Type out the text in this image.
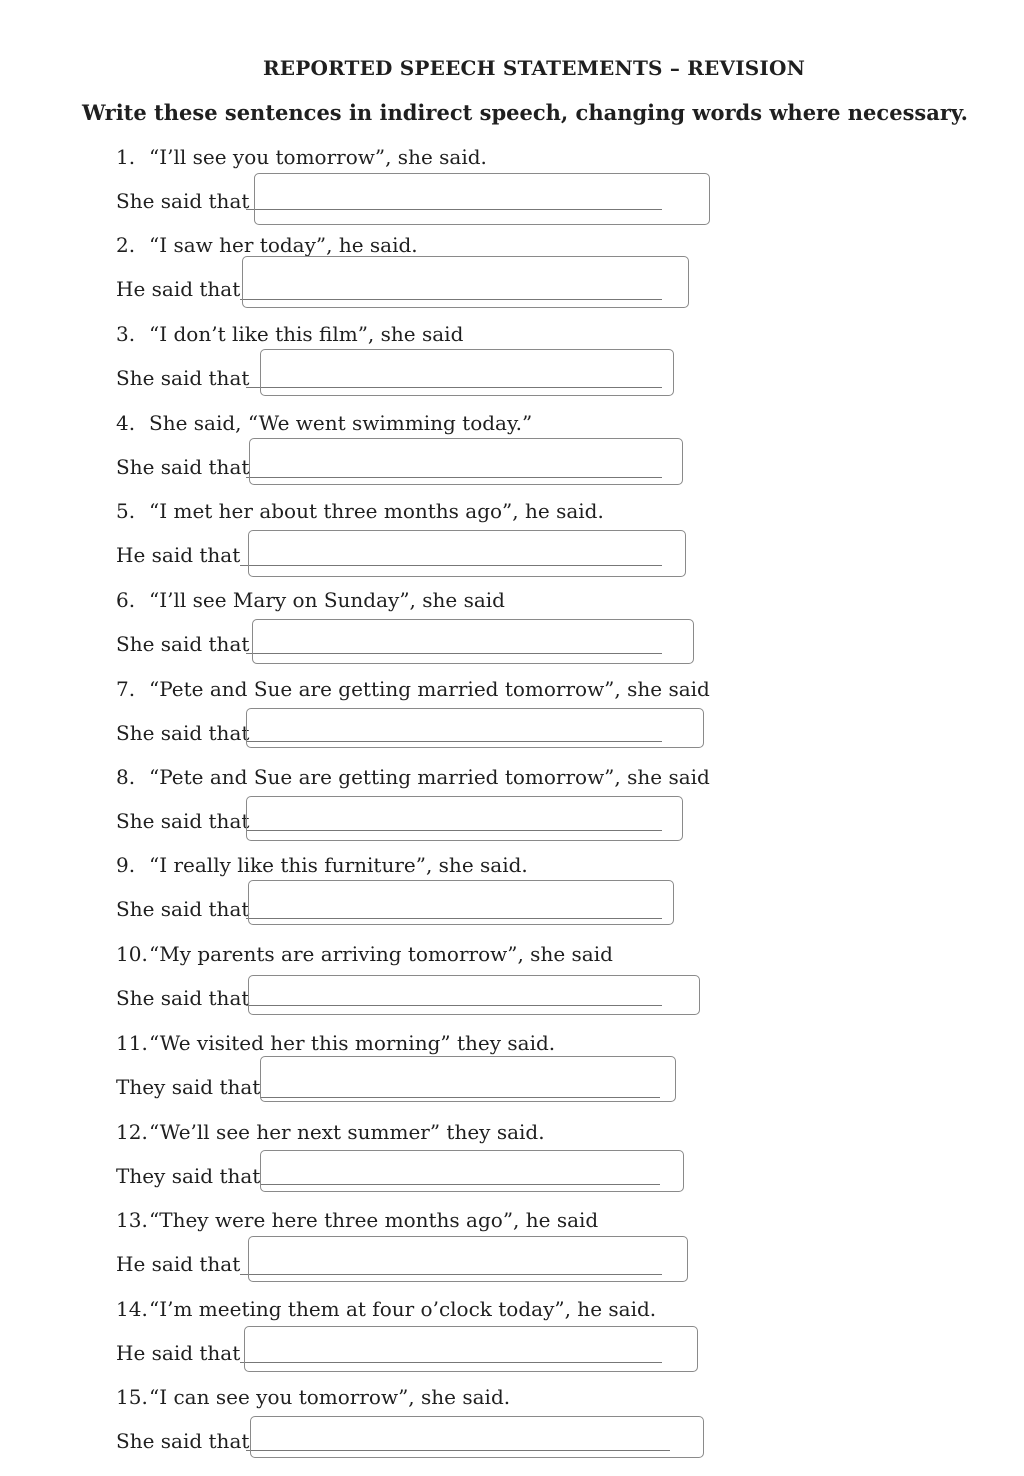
REPORTED SPEECH STATEMENTS – REVISION
Write these sentences in indirect speech, changing words where necessary.
1. “I’ll see you tomorrow”, she said.
She said that
2. “I saw her today”, he said.
He said that
3. “I don’t like this film”, she said
She said that
4. She said, “We went swimming today.”
She said that
5. “I met her about three months ago”, he said.
He said that
6. “I’ll see Mary on Sunday”, she said
She said that
7. “Pete and Sue are getting married tomorrow”, she said
She said that
8. “Pete and Sue are getting married tomorrow”, she said
She said that
9. “I really like this furniture”, she said.
She said that
10.“My parents are arriving tomorrow”, she said
She said that
11.“We visited her this morning” they said.
They said that
12.“We’ll see her next summer” they said.
They said that
13.“They were here three months ago”, he said
He said that
14.“I’m meeting them at four o’clock today”, he said.
He said that
15.“I can see you tomorrow”, she said.
She said that
